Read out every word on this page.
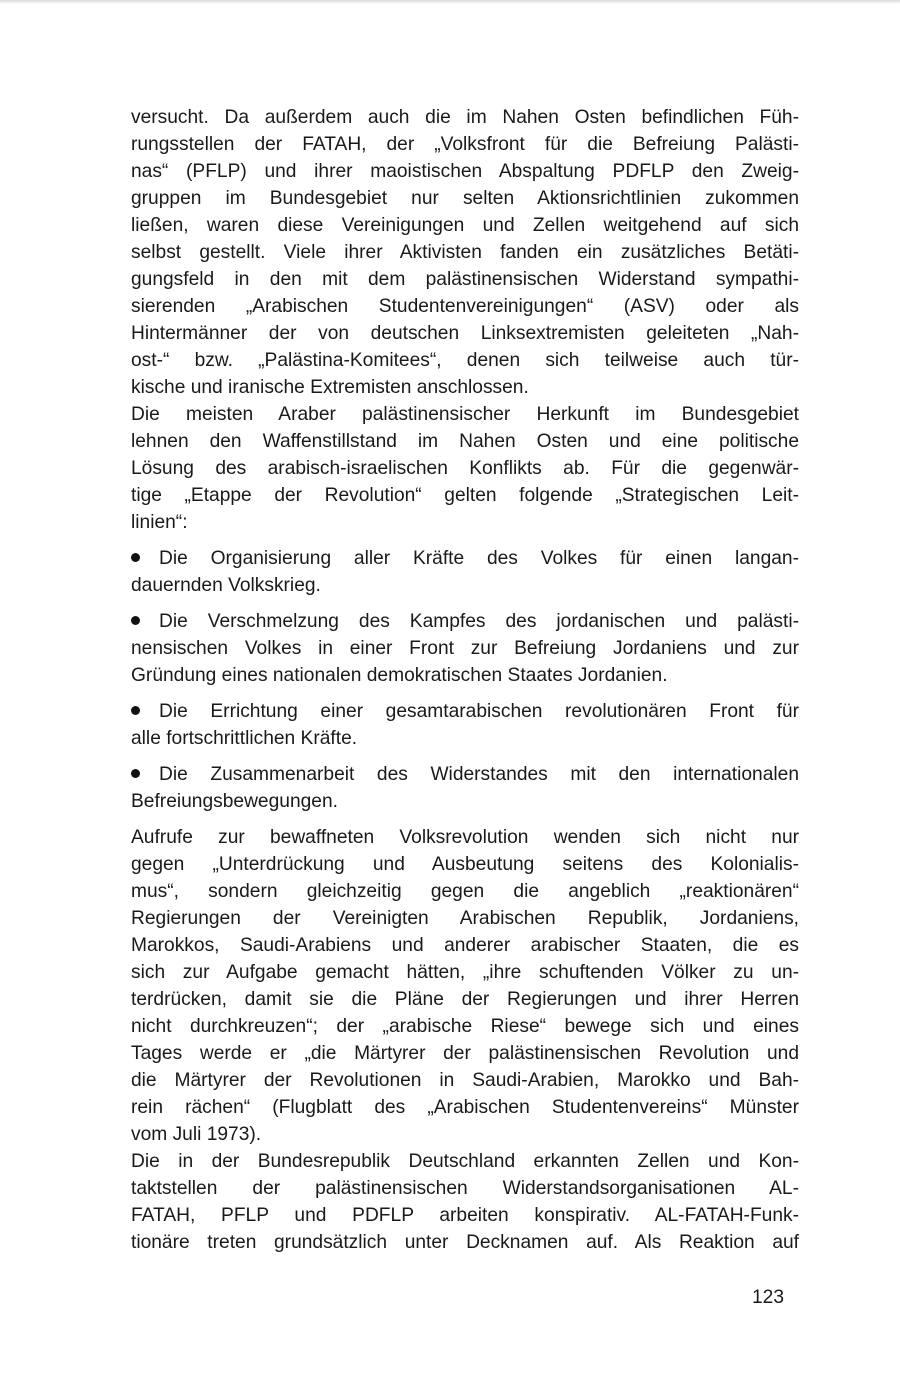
versucht. Da außerdem auch die im Nahen Osten befindlichen Füh-
rungsstellen der FATAH, der „Volksfront für die Befreiung Palästi-
nas“ (PFLP) und ihrer maoistischen Abspaltung PDFLP den Zweig-
gruppen im Bundesgebiet nur selten Aktionsrichtlinien zukommen
ließen, waren diese Vereinigungen und Zellen weitgehend auf sich
selbst gestellt. Viele ihrer Aktivisten fanden ein zusätzliches Betäti-
gungsfeld in den mit dem palästinensischen Widerstand sympathi-
sierenden „Arabischen Studentenvereinigungen“ (ASV) oder als
Hintermänner der von deutschen Linksextremisten geleiteten „Nah-
ost-“ bzw. „Palästina-Komitees“, denen sich teilweise auch tür-
kische und iranische Extremisten anschlossen.
Die meisten Araber palästinensischer Herkunft im Bundesgebiet
lehnen den Waffenstillstand im Nahen Osten und eine politische
Lösung des arabisch-israelischen Konflikts ab. Für die gegenwär-
tige „Etappe der Revolution“ gelten folgende „Strategischen Leit-
linien“:
Die Organisierung aller Kräfte des Volkes für einen langan-
dauernden Volkskrieg.
Die Verschmelzung des Kampfes des jordanischen und palästi-
nensischen Volkes in einer Front zur Befreiung Jordaniens und zur
Gründung eines nationalen demokratischen Staates Jordanien.
Die Errichtung einer gesamtarabischen revolutionären Front für
alle fortschrittlichen Kräfte.
Die Zusammenarbeit des Widerstandes mit den internationalen
Befreiungsbewegungen.
Aufrufe zur bewaffneten Volksrevolution wenden sich nicht nur
gegen „Unterdrückung und Ausbeutung seitens des Kolonialis-
mus“, sondern gleichzeitig gegen die angeblich „reaktionären“
Regierungen der Vereinigten Arabischen Republik, Jordaniens,
Marokkos, Saudi-Arabiens und anderer arabischer Staaten, die es
sich zur Aufgabe gemacht hätten, „ihre schuftenden Völker zu un-
terdrücken, damit sie die Pläne der Regierungen und ihrer Herren
nicht durchkreuzen“; der „arabische Riese“ bewege sich und eines
Tages werde er „die Märtyrer der palästinensischen Revolution und
die Märtyrer der Revolutionen in Saudi-Arabien, Marokko und Bah-
rein rächen“ (Flugblatt des „Arabischen Studentenvereins“ Münster
vom Juli 1973).
Die in der Bundesrepublik Deutschland erkannten Zellen und Kon-
taktstellen der palästinensischen Widerstandsorganisationen AL-
FATAH, PFLP und PDFLP arbeiten konspirativ. AL-FATAH-Funk-
tionäre treten grundsätzlich unter Decknamen auf. Als Reaktion auf
123
